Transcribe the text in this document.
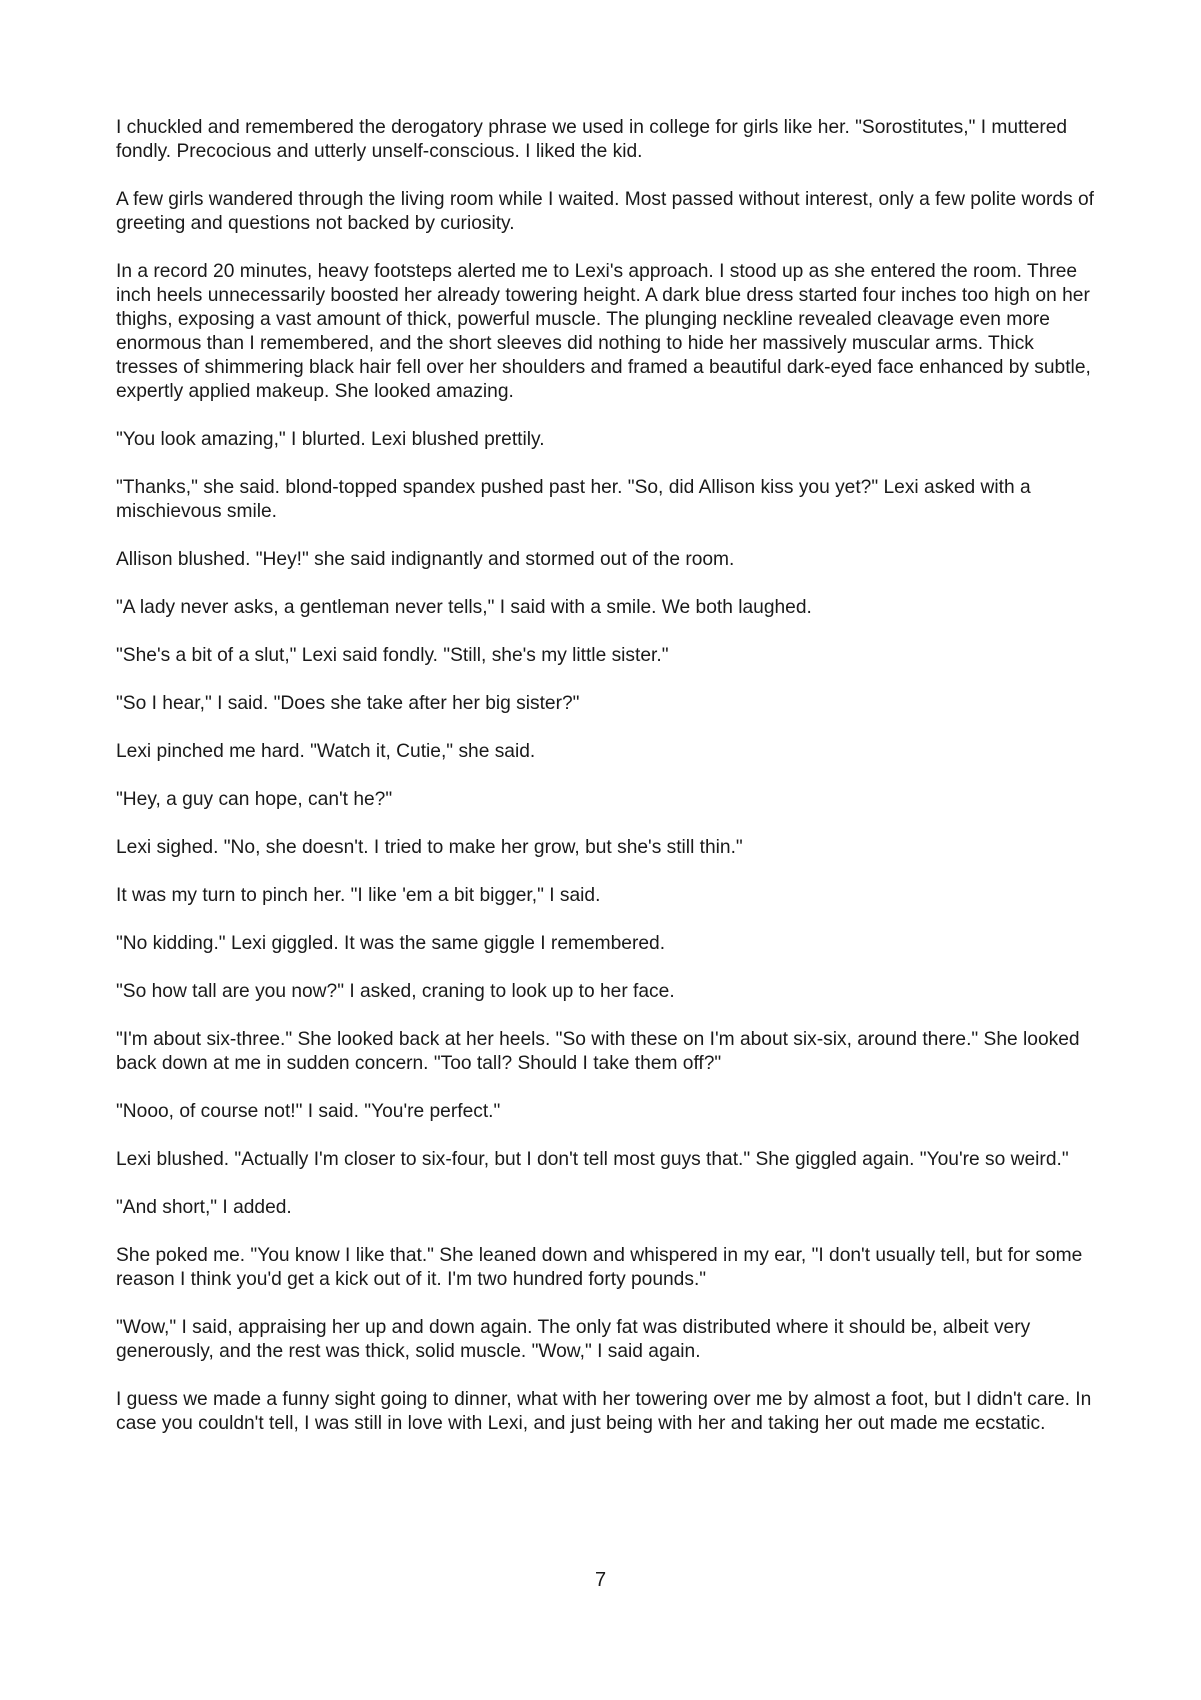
I chuckled and remembered the derogatory phrase we used in college for girls like her. "Sorostitutes," I muttered fondly. Precocious and utterly unself-conscious. I liked the kid.

A few girls wandered through the living room while I waited. Most passed without interest, only a few polite words of greeting and questions not backed by curiosity.

In a record 20 minutes, heavy footsteps alerted me to Lexi's approach. I stood up as she entered the room. Three inch heels unnecessarily boosted her already towering height. A dark blue dress started four inches too high on her thighs, exposing a vast amount of thick, powerful muscle. The plunging neckline revealed cleavage even more enormous than I remembered, and the short sleeves did nothing to hide her massively muscular arms. Thick tresses of shimmering black hair fell over her shoulders and framed a beautiful dark-eyed face enhanced by subtle, expertly applied makeup. She looked amazing.

"You look amazing," I blurted. Lexi blushed prettily.

"Thanks," she said. blond-topped spandex pushed past her. "So, did Allison kiss you yet?" Lexi asked with a mischievous smile.

Allison blushed. "Hey!" she said indignantly and stormed out of the room.

"A lady never asks, a gentleman never tells," I said with a smile. We both laughed.

"She's a bit of a slut," Lexi said fondly. "Still, she's my little sister."

"So I hear," I said. "Does she take after her big sister?"

Lexi pinched me hard. "Watch it, Cutie," she said.

"Hey, a guy can hope, can't he?"

Lexi sighed. "No, she doesn't. I tried to make her grow, but she's still thin."

It was my turn to pinch her. "I like 'em a bit bigger," I said.

"No kidding." Lexi giggled. It was the same giggle I remembered.

"So how tall are you now?" I asked, craning to look up to her face.

"I'm about six-three." She looked back at her heels. "So with these on I'm about six-six, around there." She looked back down at me in sudden concern. "Too tall? Should I take them off?"

"Nooo, of course not!" I said. "You're perfect."

Lexi blushed. "Actually I'm closer to six-four, but I don't tell most guys that." She giggled again. "You're so weird."

"And short," I added.

She poked me. "You know I like that." She leaned down and whispered in my ear, "I don't usually tell, but for some reason I think you'd get a kick out of it. I'm two hundred forty pounds."

"Wow," I said, appraising her up and down again. The only fat was distributed where it should be, albeit very generously, and the rest was thick, solid muscle. "Wow," I said again.

I guess we made a funny sight going to dinner, what with her towering over me by almost a foot, but I didn't care. In case you couldn't tell, I was still in love with Lexi, and just being with her and taking her out made me ecstatic.

7
